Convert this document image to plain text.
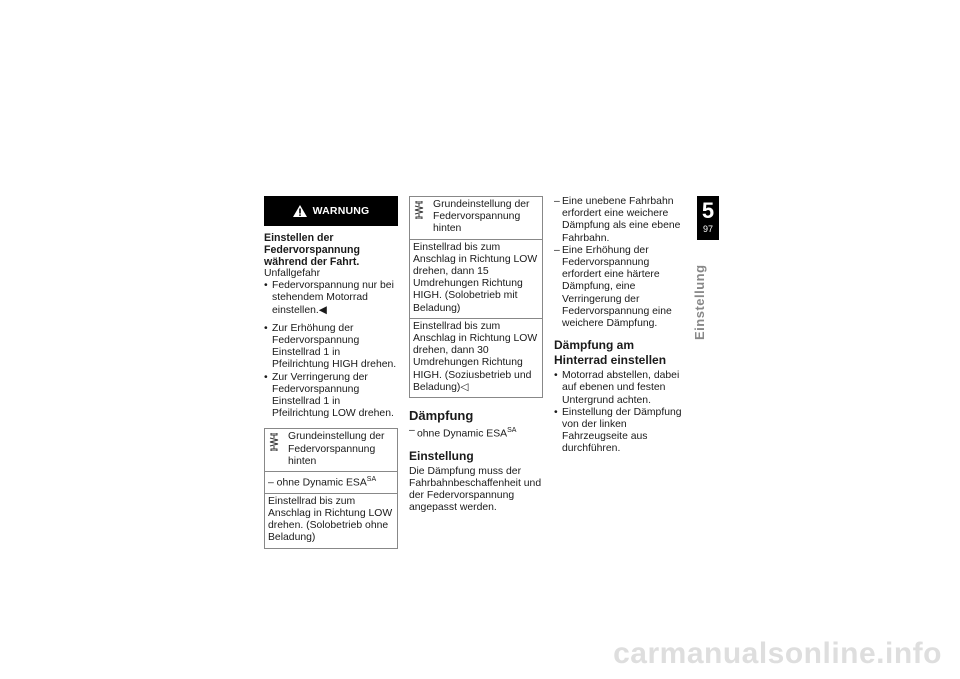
WARNUNG
Einstellen der Federvorspannung während der Fahrt.

Unfallgefahr

• Federvorspannung nur bei stehendem Motorrad einstellen.◀
• Zur Erhöhung der Federvorspannung Einstellrad 1 in Pfeilrichtung HIGH drehen.
• Zur Verringerung der Federvorspannung Einstellrad 1 in Pfeilrichtung LOW drehen.
Grundeinstellung der Federvorspannung hinten
– ohne Dynamic $ESA^{SA}$
Einstellrad bis zum Anschlag in Richtung LOW drehen. (Solobetrieb ohne Beladung)
Grundeinstellung der Federvorspannung hinten
Einstellrad bis zum Anschlag in Richtung LOW drehen, dann 15 Umdrehungen Richtung HIGH. (Solobetrieb mit Beladung)
Einstellrad bis zum Anschlag in Richtung LOW drehen, dann 30 Umdrehungen Richtung HIGH. (Soziusbetrieb und Beladung)◁
Dämpfung
– ohne Dynamic $ESA^{SA}$
Einstellung

Die Dämpfung muss der Fahrbahnbeschaffenheit und der Federvorspannung angepasst werden.

– Eine unebene Fahrbahn erfordert eine weichere Dämpfung als eine ebene Fahrbahn.
– Eine Erhöhung der Federvorspannung erfordert eine härtere Dämpfung, eine Verringerung der Federvorspannung eine weichere Dämpfung.
Dämpfung am Hinterrad einstellen
• Motorrad abstellen, dabei auf ebenen und festen Untergrund achten.
• Einstellung der Dämpfung von der linken Fahrzeugseite aus durchführen.
5
97
Einstellung
carmanualsonline.info
